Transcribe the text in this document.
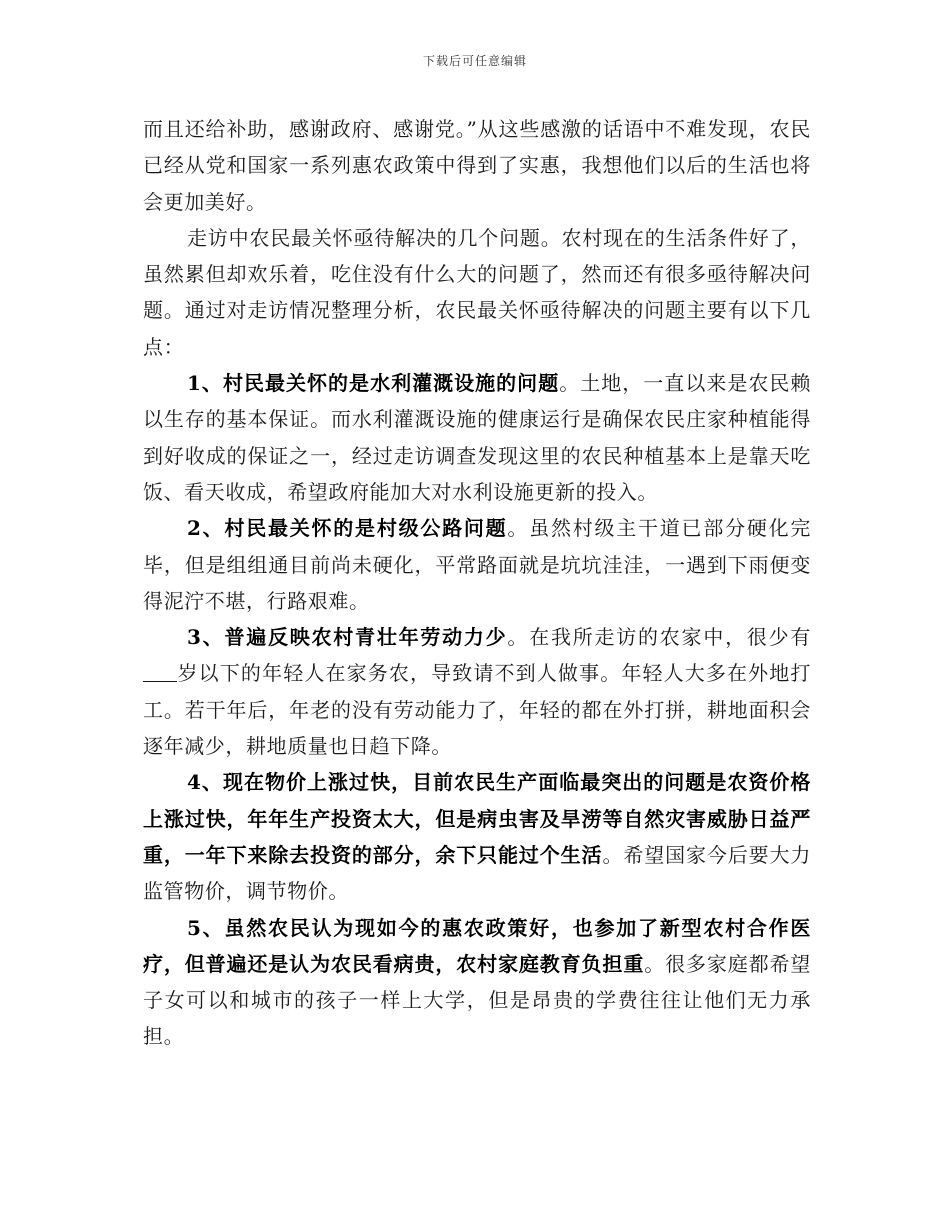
下载后可任意编辑

而且还给补助，感谢政府、感谢党。”从这些感激的话语中不难发现，农民已经从党和国家一系列惠农政策中得到了实惠，我想他们以后的生活也将会更加美好。

走访中农民最关怀亟待解决的几个问题。农村现在的生活条件好了，虽然累但却欢乐着，吃住没有什么大的问题了，然而还有很多亟待解决问题。通过对走访情况整理分析，农民最关怀亟待解决的问题主要有以下几点：

1、村民最关怀的是水利灌溉设施的问题。土地，一直以来是农民赖以生存的基本保证。而水利灌溉设施的健康运行是确保农民庄家种植能得到好收成的保证之一，经过走访调查发现这里的农民种植基本上是靠天吃饭、看天收成，希望政府能加大对水利设施更新的投入。

2、村民最关怀的是村级公路问题。虽然村级主干道已部分硬化完毕，但是组组通目前尚未硬化，平常路面就是坑坑洼洼，一遇到下雨便变得泥泞不堪，行路艰难。

3、普遍反映农村青壮年劳动力少。在我所走访的农家中，很少有岁以下的年轻人在家务农，导致请不到人做事。年轻人大多在外地打工。若干年后，年老的没有劳动能力了，年轻的都在外打拼，耕地面积会逐年减少，耕地质量也日趋下降。

4、现在物价上涨过快，目前农民生产面临最突出的问题是农资价格上涨过快，年年生产投资太大，但是病虫害及旱涝等自然灾害威胁日益严重，一年下来除去投资的部分，余下只能过个生活。希望国家今后要大力监管物价，调节物价。

5、虽然农民认为现如今的惠农政策好，也参加了新型农村合作医疗，但普遍还是认为农民看病贵，农村家庭教育负担重。很多家庭都希望子女可以和城市的孩子一样上大学，但是昂贵的学费往往让他们无力承担。
